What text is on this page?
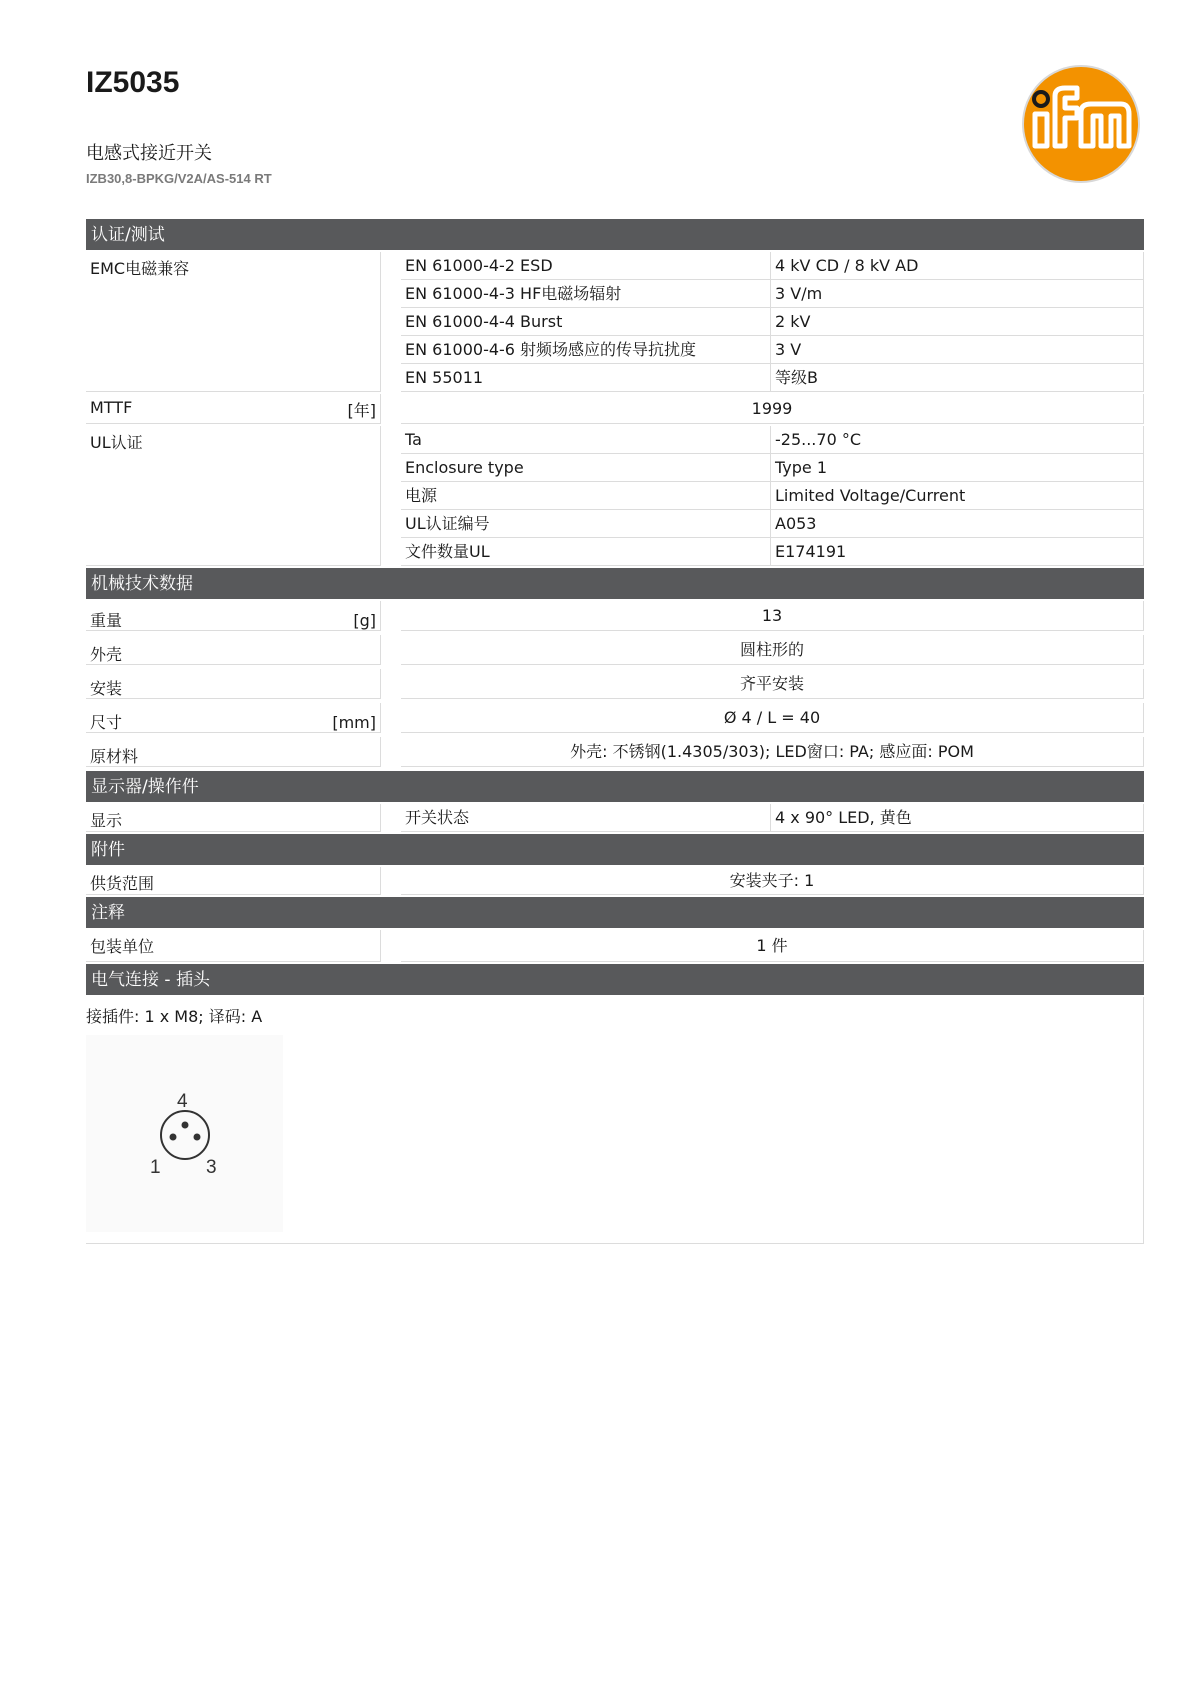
IZ5035
电感式接近开关
IZB30,8-BPKG/V2A/AS-514 RT
认证/测试
EMC电磁兼容	EN 61000-4-2 ESD	4 kV CD / 8 kV AD
EN 61000-4-3 HF电磁场辐射	3 V/m
EN 61000-4-4 Burst	2 kV
EN 61000-4-6 射频场感应的传导抗扰度	3 V
EN 55011	等级B
MTTF	[年]	1999
UL认证	Ta	-25...70 °C
Enclosure type	Type 1
电源	Limited Voltage/Current
UL认证编号	A053
文件数量UL	E174191
机械技术数据
重量	[g]	13
外壳	圆柱形的
安装	齐平安装
尺寸	[mm]	Ø 4 / L = 40
原材料	外壳: 不锈钢(1.4305/303); LED窗口: PA; 感应面: POM
显示器/操作件
显示	开关状态	4 x 90° LED, 黄色
附件
供货范围	安装夹子: 1
注释
包装单位	1 件
电气连接 - 插头
接插件: 1 x M8; 译码: A
4
1 3
